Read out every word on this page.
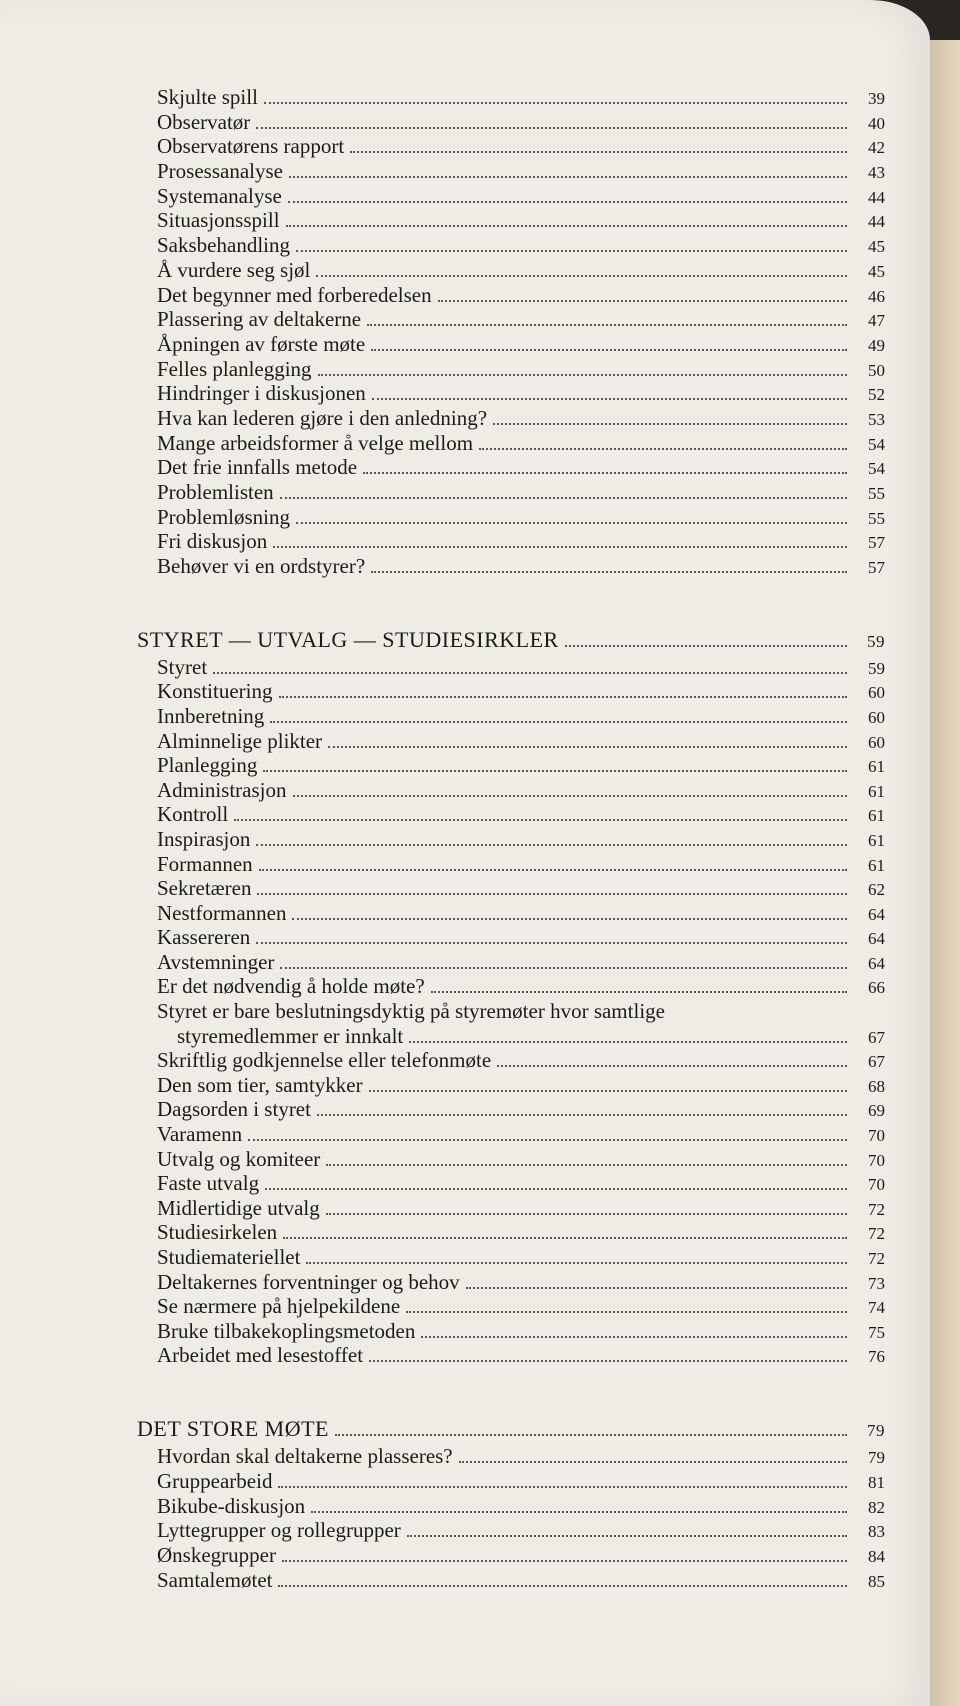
Skjulte spill	39
Observatør	40
Observatørens rapport	42
Prosessanalyse	43
Systemanalyse	44
Situasjonsspill	44
Saksbehandling	45
Å vurdere seg sjøl	45
Det begynner med forberedelsen	46
Plassering av deltakerne	47
Åpningen av første møte	49
Felles planlegging	50
Hindringer i diskusjonen	52
Hva kan lederen gjøre i den anledning?	53
Mange arbeidsformer å velge mellom	54
Det frie innfalls metode	54
Problemlisten	55
Problemløsning	55
Fri diskusjon	57
Behøver vi en ordstyrer?	57
STYRET — UTVALG — STUDIESIRKLER	59
Styret	59
Konstituering	60
Innberetning	60
Alminnelige plikter	60
Planlegging	61
Administrasjon	61
Kontroll	61
Inspirasjon	61
Formannen	61
Sekretæren	62
Nestformannen	64
Kassereren	64
Avstemninger	64
Er det nødvendig å holde møte?	66
Styret er bare beslutningsdyktig på styremøter hvor samtlige
styremedlemmer er innkalt	67
Skriftlig godkjennelse eller telefonmøte	67
Den som tier, samtykker	68
Dagsorden i styret	69
Varamenn	70
Utvalg og komiteer	70
Faste utvalg	70
Midlertidige utvalg	72
Studiesirkelen	72
Studiemateriellet	72
Deltakernes forventninger og behov	73
Se nærmere på hjelpekildene	74
Bruke tilbakekoplingsmetoden	75
Arbeidet med lesestoffet	76
DET STORE MØTE	79
Hvordan skal deltakerne plasseres?	79
Gruppearbeid	81
Bikube-diskusjon	82
Lyttegrupper og rollegrupper	83
Ønskegrupper	84
Samtalemøtet	85
